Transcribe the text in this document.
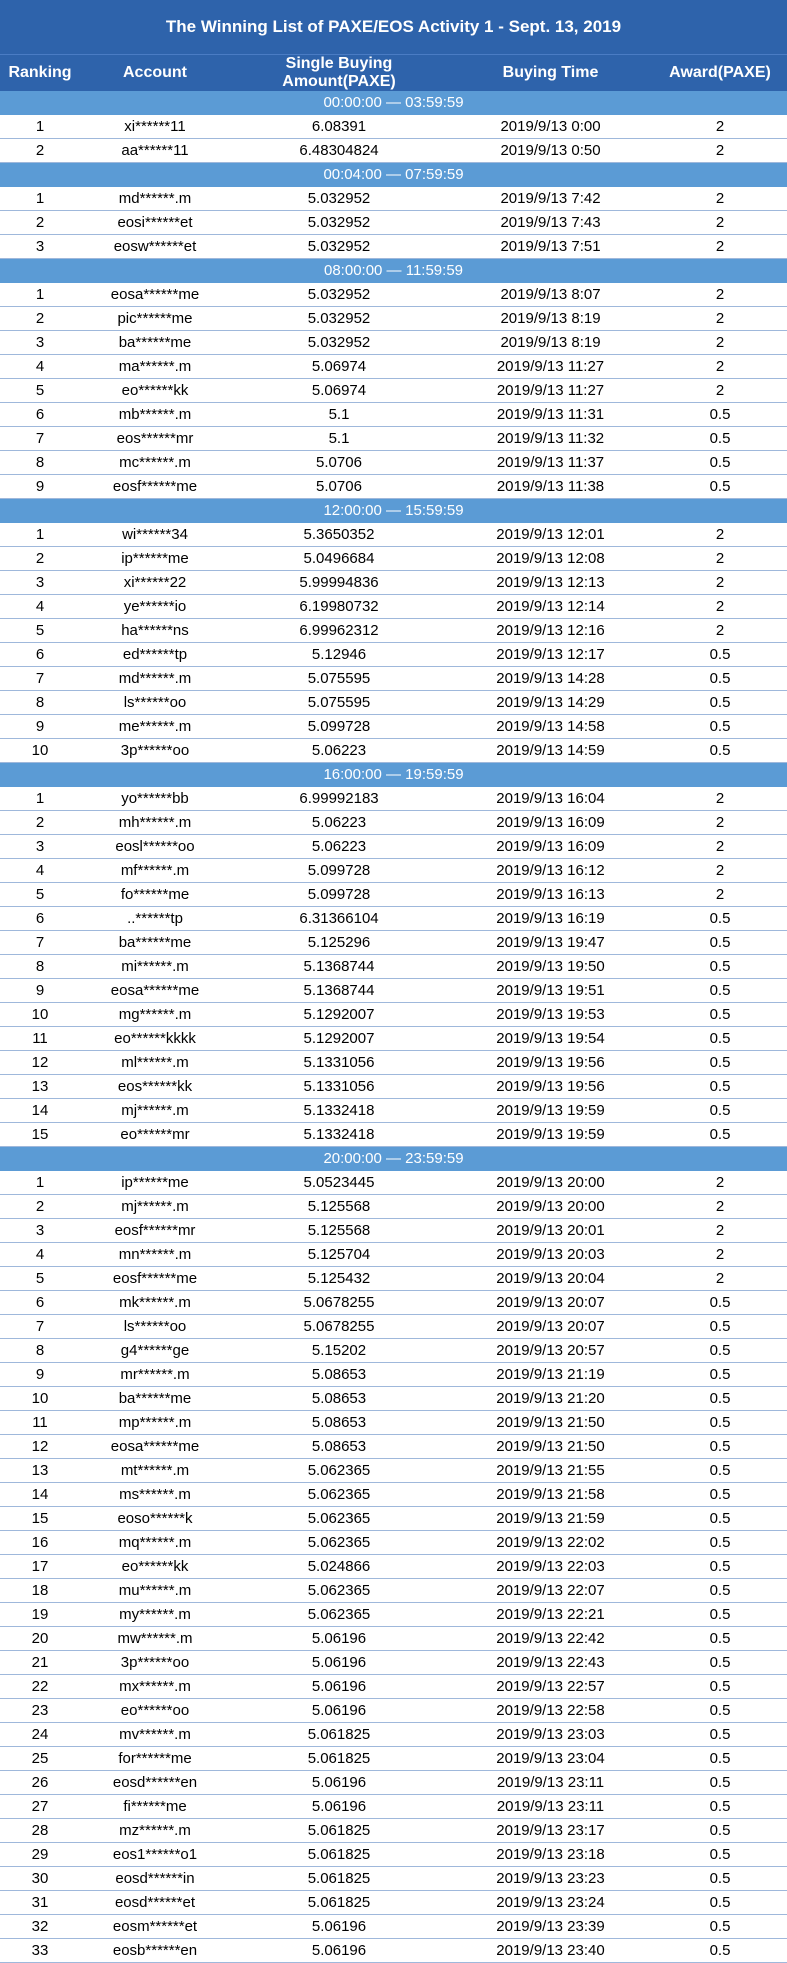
The Winning List of PAXE/EOS Activity 1 - Sept. 13, 2019
Ranking	Account	Single Buying Amount(PAXE)	Buying Time	Award(PAXE)
00:00:00 — 03:59:59				
1	xi******11	6.08391	2019/9/13 0:00	2
2	aa******11	6.48304824	2019/9/13 0:50	2
00:04:00 — 07:59:59				
1	md******.m	5.032952	2019/9/13 7:42	2
2	eosi******et	5.032952	2019/9/13 7:43	2
3	eosw******et	5.032952	2019/9/13 7:51	2
08:00:00 — 11:59:59				
1	eosa******me	5.032952	2019/9/13 8:07	2
2	pic******me	5.032952	2019/9/13 8:19	2
3	ba******me	5.032952	2019/9/13 8:19	2
4	ma******.m	5.06974	2019/9/13 11:27	2
5	eo******kk	5.06974	2019/9/13 11:27	2
6	mb******.m	5.1	2019/9/13 11:31	0.5
7	eos******mr	5.1	2019/9/13 11:32	0.5
8	mc******.m	5.0706	2019/9/13 11:37	0.5
9	eosf******me	5.0706	2019/9/13 11:38	0.5
12:00:00 — 15:59:59				
1	wi******34	5.3650352	2019/9/13 12:01	2
2	ip******me	5.0496684	2019/9/13 12:08	2
3	xi******22	5.99994836	2019/9/13 12:13	2
4	ye******io	6.19980732	2019/9/13 12:14	2
5	ha******ns	6.99962312	2019/9/13 12:16	2
6	ed******tp	5.12946	2019/9/13 12:17	0.5
7	md******.m	5.075595	2019/9/13 14:28	0.5
8	ls******oo	5.075595	2019/9/13 14:29	0.5
9	me******.m	5.099728	2019/9/13 14:58	0.5
10	3p******oo	5.06223	2019/9/13 14:59	0.5
16:00:00 — 19:59:59				
1	yo******bb	6.99992183	2019/9/13 16:04	2
2	mh******.m	5.06223	2019/9/13 16:09	2
3	eosl******oo	5.06223	2019/9/13 16:09	2
4	mf******.m	5.099728	2019/9/13 16:12	2
5	fo******me	5.099728	2019/9/13 16:13	2
6	..******tp	6.31366104	2019/9/13 16:19	0.5
7	ba******me	5.125296	2019/9/13 19:47	0.5
8	mi******.m	5.1368744	2019/9/13 19:50	0.5
9	eosa******me	5.1368744	2019/9/13 19:51	0.5
10	mg******.m	5.1292007	2019/9/13 19:53	0.5
11	eo******kkkk	5.1292007	2019/9/13 19:54	0.5
12	ml******.m	5.1331056	2019/9/13 19:56	0.5
13	eos******kk	5.1331056	2019/9/13 19:56	0.5
14	mj******.m	5.1332418	2019/9/13 19:59	0.5
15	eo******mr	5.1332418	2019/9/13 19:59	0.5
20:00:00 — 23:59:59				
1	ip******me	5.0523445	2019/9/13 20:00	2
2	mj******.m	5.125568	2019/9/13 20:00	2
3	eosf******mr	5.125568	2019/9/13 20:01	2
4	mn******.m	5.125704	2019/9/13 20:03	2
5	eosf******me	5.125432	2019/9/13 20:04	2
6	mk******.m	5.0678255	2019/9/13 20:07	0.5
7	ls******oo	5.0678255	2019/9/13 20:07	0.5
8	g4******ge	5.15202	2019/9/13 20:57	0.5
9	mr******.m	5.08653	2019/9/13 21:19	0.5
10	ba******me	5.08653	2019/9/13 21:20	0.5
11	mp******.m	5.08653	2019/9/13 21:50	0.5
12	eosa******me	5.08653	2019/9/13 21:50	0.5
13	mt******.m	5.062365	2019/9/13 21:55	0.5
14	ms******.m	5.062365	2019/9/13 21:58	0.5
15	eoso******k	5.062365	2019/9/13 21:59	0.5
16	mq******.m	5.062365	2019/9/13 22:02	0.5
17	eo******kk	5.024866	2019/9/13 22:03	0.5
18	mu******.m	5.062365	2019/9/13 22:07	0.5
19	my******.m	5.062365	2019/9/13 22:21	0.5
20	mw******.m	5.06196	2019/9/13 22:42	0.5
21	3p******oo	5.06196	2019/9/13 22:43	0.5
22	mx******.m	5.06196	2019/9/13 22:57	0.5
23	eo******oo	5.06196	2019/9/13 22:58	0.5
24	mv******.m	5.061825	2019/9/13 23:03	0.5
25	for******me	5.061825	2019/9/13 23:04	0.5
26	eosd******en	5.06196	2019/9/13 23:11	0.5
27	fi******me	5.06196	2019/9/13 23:11	0.5
28	mz******.m	5.061825	2019/9/13 23:17	0.5
29	eos1******o1	5.061825	2019/9/13 23:18	0.5
30	eosd******in	5.061825	2019/9/13 23:23	0.5
31	eosd******et	5.061825	2019/9/13 23:24	0.5
32	eosm******et	5.06196	2019/9/13 23:39	0.5
33	eosb******en	5.06196	2019/9/13 23:40	0.5
